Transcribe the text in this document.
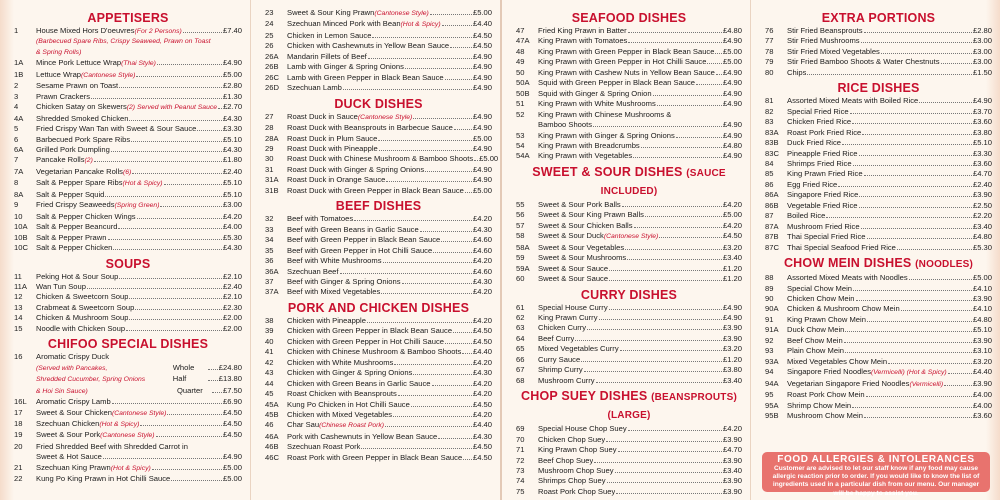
APPETISERS
1	House Mixed Hors D'oeuvres (For 2 Persons)	£7.40
(Barbecued Spare Ribs, Crispy Seaweed, Prawn on Toast
& Spring Rolls)
1A	Mince Pork Lettuce Wrap (Thai Style)	£4.90
1B	Lettuce Wrap (Cantonese Style)	£5.00
2	Sesame Prawn on Toast	£2.80
3	Prawn Crackers	£1.30
4	Chicken Satay on Skewers (2) Served with Peanut Sauce £2.70
4A	Shredded Smoked Chicken	£4.30
5	Fried Crispy Wan Tan with Sweet & Sour Sauce	£3.30
6	Barbecued Pork Spare Ribs	£5.10
6A	Grilled Pork Dumpling	£4.30
7	Pancake Rolls (2)	£1.80
7A	Vegetarian Pancake Rolls (6)	£2.40
8	Salt & Pepper Spare Ribs (Hot & Spicy)	£5.10
8A	Salt & Pepper Squid	£5.10
9	Fried Crispy Seaweeds (Spring Green)	£3.00
10	Salt & Pepper Chicken Wings	£4.20
10A	Salt & Pepper Beancurd	£4.00
10B	Salt & Pepper Prawn	£5.30
10C	Salt & Pepper Chicken	£4.30
SOUPS
11	Peking Hot & Sour Soup	£2.10
11A	Wan Tun Soup	£2.40
12	Chicken & Sweetcorn Soup	£2.10
13	Crabmeat & Sweetcorn Soup	£2.30
14	Chicken & Mushroom Soup	£2.00
15	Noodle with Chicken Soup	£2.00
CHIFOO SPECIAL DISHES
16	Aromatic Crispy Duck
(Served with Pancakes,	Whole	£24.80
Shredded Cucumber, Spring Onions	Half	£13.80
& Hoi Sin Sauce)	Quarter	£7.50
16L	Aromatic Crispy Lamb	£6.90
17	Sweet & Sour Chicken (Cantonese Style)	£4.50
18	Szechuan Chicken (Hot & Spicy)	£4.50
19	Sweet & Sour Pork (Cantonese Style)	£4.50
20	Fried Shredded Beef with Shredded Carrot in
Sweet & Hot Sauce	£4.90
21	Szechuan King Prawn (Hot & Spicy)	£5.00
22	Kung Po King Prawn in Hot Chilli Sauce	£5.00
23	Sweet & Sour King Prawn (Cantonese Style)	£5.00
24	Szechuan Minced Pork with Bean (Hot & Spicy)	£4.40
25	Chicken in Lemon Sauce	£4.50
26	Chicken with Cashewnuts in Yellow Bean Sauce	£4.50
26A	Mandarin Fillets of Beef	£4.90
26B	Lamb with Ginger & Spring Onions	£4.90
26C	Lamb with Green Pepper in Black Bean Sauce	£4.90
26D	Szechuan Lamb	£4.90
DUCK DISHES
27	Roast Duck in Sauce (Cantonese Style)	£4.90
28	Roast Duck with Beansprouts in Barbecue Sauce	£4.90
28A	Roast Duck in Plum Sauce	£5.00
29	Roast Duck with Pineapple	£4.90
30	Roast Duck with Chinese Mushroom & Bamboo Shoots £5.00
31	Roast Duck with Ginger & Spring Onions	£4.90
31A	Roast Duck in Orange Sauce	£4.90
31B	Roast Duck with Green Pepper in Black Bean Sauce £5.00
BEEF DISHES
32	Beef with Tomatoes	£4.20
33	Beef with Green Beans in Garlic Sauce	£4.30
34	Beef with Green Pepper in Black Bean Sauce	£4.60
35	Beef with Green Pepper in Hot Chilli Sauce	£4.60
36	Beef with White Mushrooms	£4.20
36A	Szechuan Beef	£4.60
37	Beef with Ginger & Spring Onions	£4.30
37A	Beef with Mixed Vegetables	£4.20
PORK AND CHICKEN DISHES
38	Chicken with Pineapple	£4.20
39	Chicken with Green Pepper in Black Bean Sauce	£4.50
40	Chicken with Green Pepper in Hot Chilli Sauce	£4.50
41	Chicken with Chinese Mushroom & Bamboo Shoots £4.40
42	Chicken with White Mushrooms	£4.20
43	Chicken with Ginger & Spring Onions	£4.30
44	Chicken with Green Beans in Garlic Sauce	£4.20
45	Roast Chicken with Beansprouts	£4.20
45A	Kung Po Chicken in Hot Chilli Sauce	£4.50
45B	Chicken with Mixed Vegetables	£4.20
46	Char Sau (Chinese Roast Pork)	£4.40
46A	Pork with Cashewnuts in Yellow Bean Sauce	£4.30
46B	Szechuan Roast Pork	£4.50
46C	Roast Pork with Green Pepper in Black Bean Sauce £4.50
SEAFOOD DISHES
47	Fried King Prawn in Batter	£4.80
47A	King Prawn with Tomatoes	£4.90
48	King Prawn with Green Pepper in Black Bean Sauce £5.00
49	King Prawn with Green Pepper in Hot Chilli Sauce £5.00
50	King Prawn with Cashew Nuts in Yellow Bean Sauce £4.90
50A	Squid with Green Pepper in Black Bean Sauce	£4.90
50B	Squid with Ginger & Spring Onion	£4.90
51	King Prawn with White Mushrooms	£4.90
52	King Prawn with Chinese Mushrooms &
Bamboo Shoots	£4.90
53	King Prawn with Ginger & Spring Onions	£4.90
54	King Prawn with Breadcrumbs	£4.80
54A	King Prawn with Vegetables	£4.90
SWEET & SOUR DISHES (SAUCE INCLUDED)
55	Sweet & Sour Pork Balls	£4.20
56	Sweet & Sour King Prawn Balls	£5.00
57	Sweet & Sour Chicken Balls	£4.20
58	Sweet & Sour Duck (Cantonese Style)	£4.50
58A	Sweet & Sour Vegetables	£3.20
59	Sweet & Sour Mushrooms	£3.40
59A	Sweet & Sour Sauce	£1.20
60	Sweet & Sour Sauce	£1.20
CURRY DISHES
61	Special House Curry	£4.90
62	King Prawn Curry	£4.90
63	Chicken Curry	£3.90
64	Beef Curry	£3.90
65	Mixed Vegetables Curry	£3.20
66	Curry Sauce	£1.20
67	Shrimp Curry	£3.80
68	Mushroom Curry	£3.40
CHOP SUEY DISHES (BEANSPROUTS) (LARGE)
69	Special House Chop Suey	£4.20
70	Chicken Chop Suey	£3.90
71	King Prawn Chop Suey	£4.70
72	Beef Chop Suey	£3.90
73	Mushroom Chop Suey	£3.40
74	Shrimps Chop Suey	£3.90
75	Roast Pork Chop Suey	£3.90
EXTRA PORTIONS
76	Stir Fried Beansprouts	£2.80
77	Stir Fried Mushrooms	£3.00
78	Stir Fried Mixed Vegetables	£3.00
79	Stir Fried Bamboo Shoots & Water Chestnuts	£3.00
80	Chips	£1.50
RICE DISHES
81	Assorted Mixed Meats with Boiled Rice	£4.90
82	Special Fried Rice	£3.70
83	Chicken Fried Rice	£3.60
83A	Roast Pork Fried Rice	£3.80
83B	Duck Fried Rice	£5.10
83C	Pineapple Fried Rice	£3.30
84	Shrimps Fried Rice	£3.60
85	King Prawn Fried Rice	£4.70
86	Egg Fried Rice	£2.40
86A	Singapore Fried Rice	£3.90
86B	Vegetable Fried Rice	£2.50
87	Boiled Rice	£2.20
87A	Mushroom Fried Rice	£3.40
87B	Thai Special Fried Rice	£4.80
87C	Thai Special Seafood Fried Rice	£5.30
CHOW MEIN DISHES (NOODLES)
88	Assorted Mixed Meats with Noodles	£5.00
89	Special Chow Mein	£4.10
90	Chicken Chow Mein	£3.90
90A	Chicken & Mushroom Chow Mein	£4.10
91	King Prawn Chow Mein	£4.80
91A	Duck Chow Mein	£5.10
92	Beef Chow Mein	£3.90
93	Plain Chow Mein	£3.10
93A	Mixed Vegetables Chow Mein	£3.20
94	Singapore Fried Noodles (Vermicelli) (Hot & Spicy)	£4.40
94A	Vegetarian Singapore Fried Noodles (Vermicelli)	£3.90
95	Roast Pork Chow Mein	£4.00
95A	Shrimp Chow Mein	£4.00
95B	Mushroom Chow Mein	£3.60
FOOD ALLERGIES & INTOLERANCES
Customer are advised to let our staff know if any food may cause allergic reaction prior to order. If you would like to know the list of ingredients used in a particular dish from our menu. Our manager will be happy to assist you.
